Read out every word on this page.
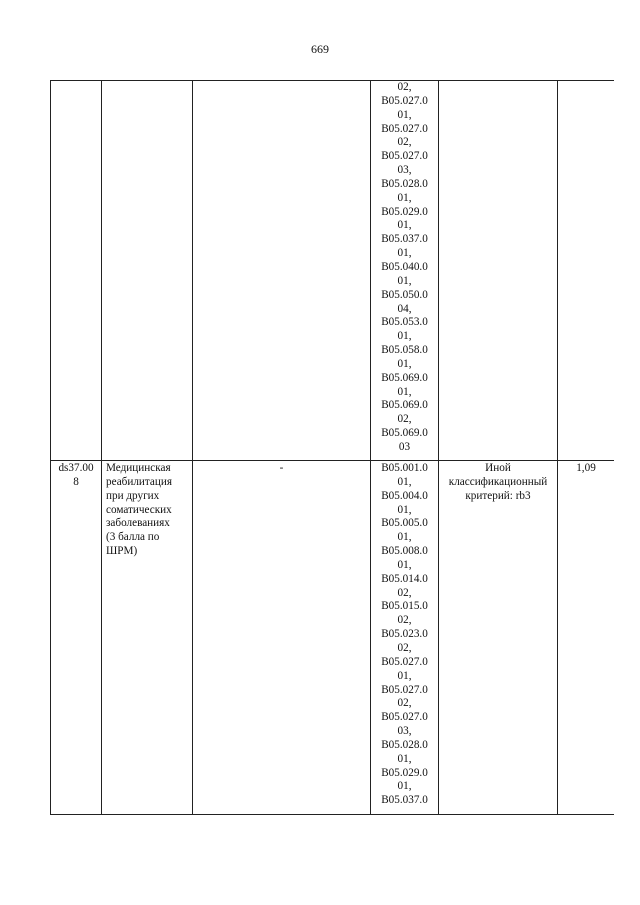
669
02,
B05.027.0
01,
B05.027.0
02,
B05.027.0
03,
B05.028.0
01,
B05.029.0
01,
B05.037.0
01,
B05.040.0
01,
B05.050.0
04,
B05.053.0
01,
B05.058.0
01,
B05.069.0
01,
B05.069.0
02,
B05.069.0
03
ds37.00
8
Медицинская
реабилитация
при других
соматических
заболеваниях
(3 балла по
ШРМ)
-	B05.001.0
01,
B05.004.0
01,
B05.005.0
01,
B05.008.0
01,
B05.014.0
02,
B05.015.0
02,
B05.023.0
02,
B05.027.0
01,
B05.027.0
02,
B05.027.0
03,
B05.028.0
01,
B05.029.0
01,
B05.037.0
Иной
классификационный
критерий: rb3
1,09
